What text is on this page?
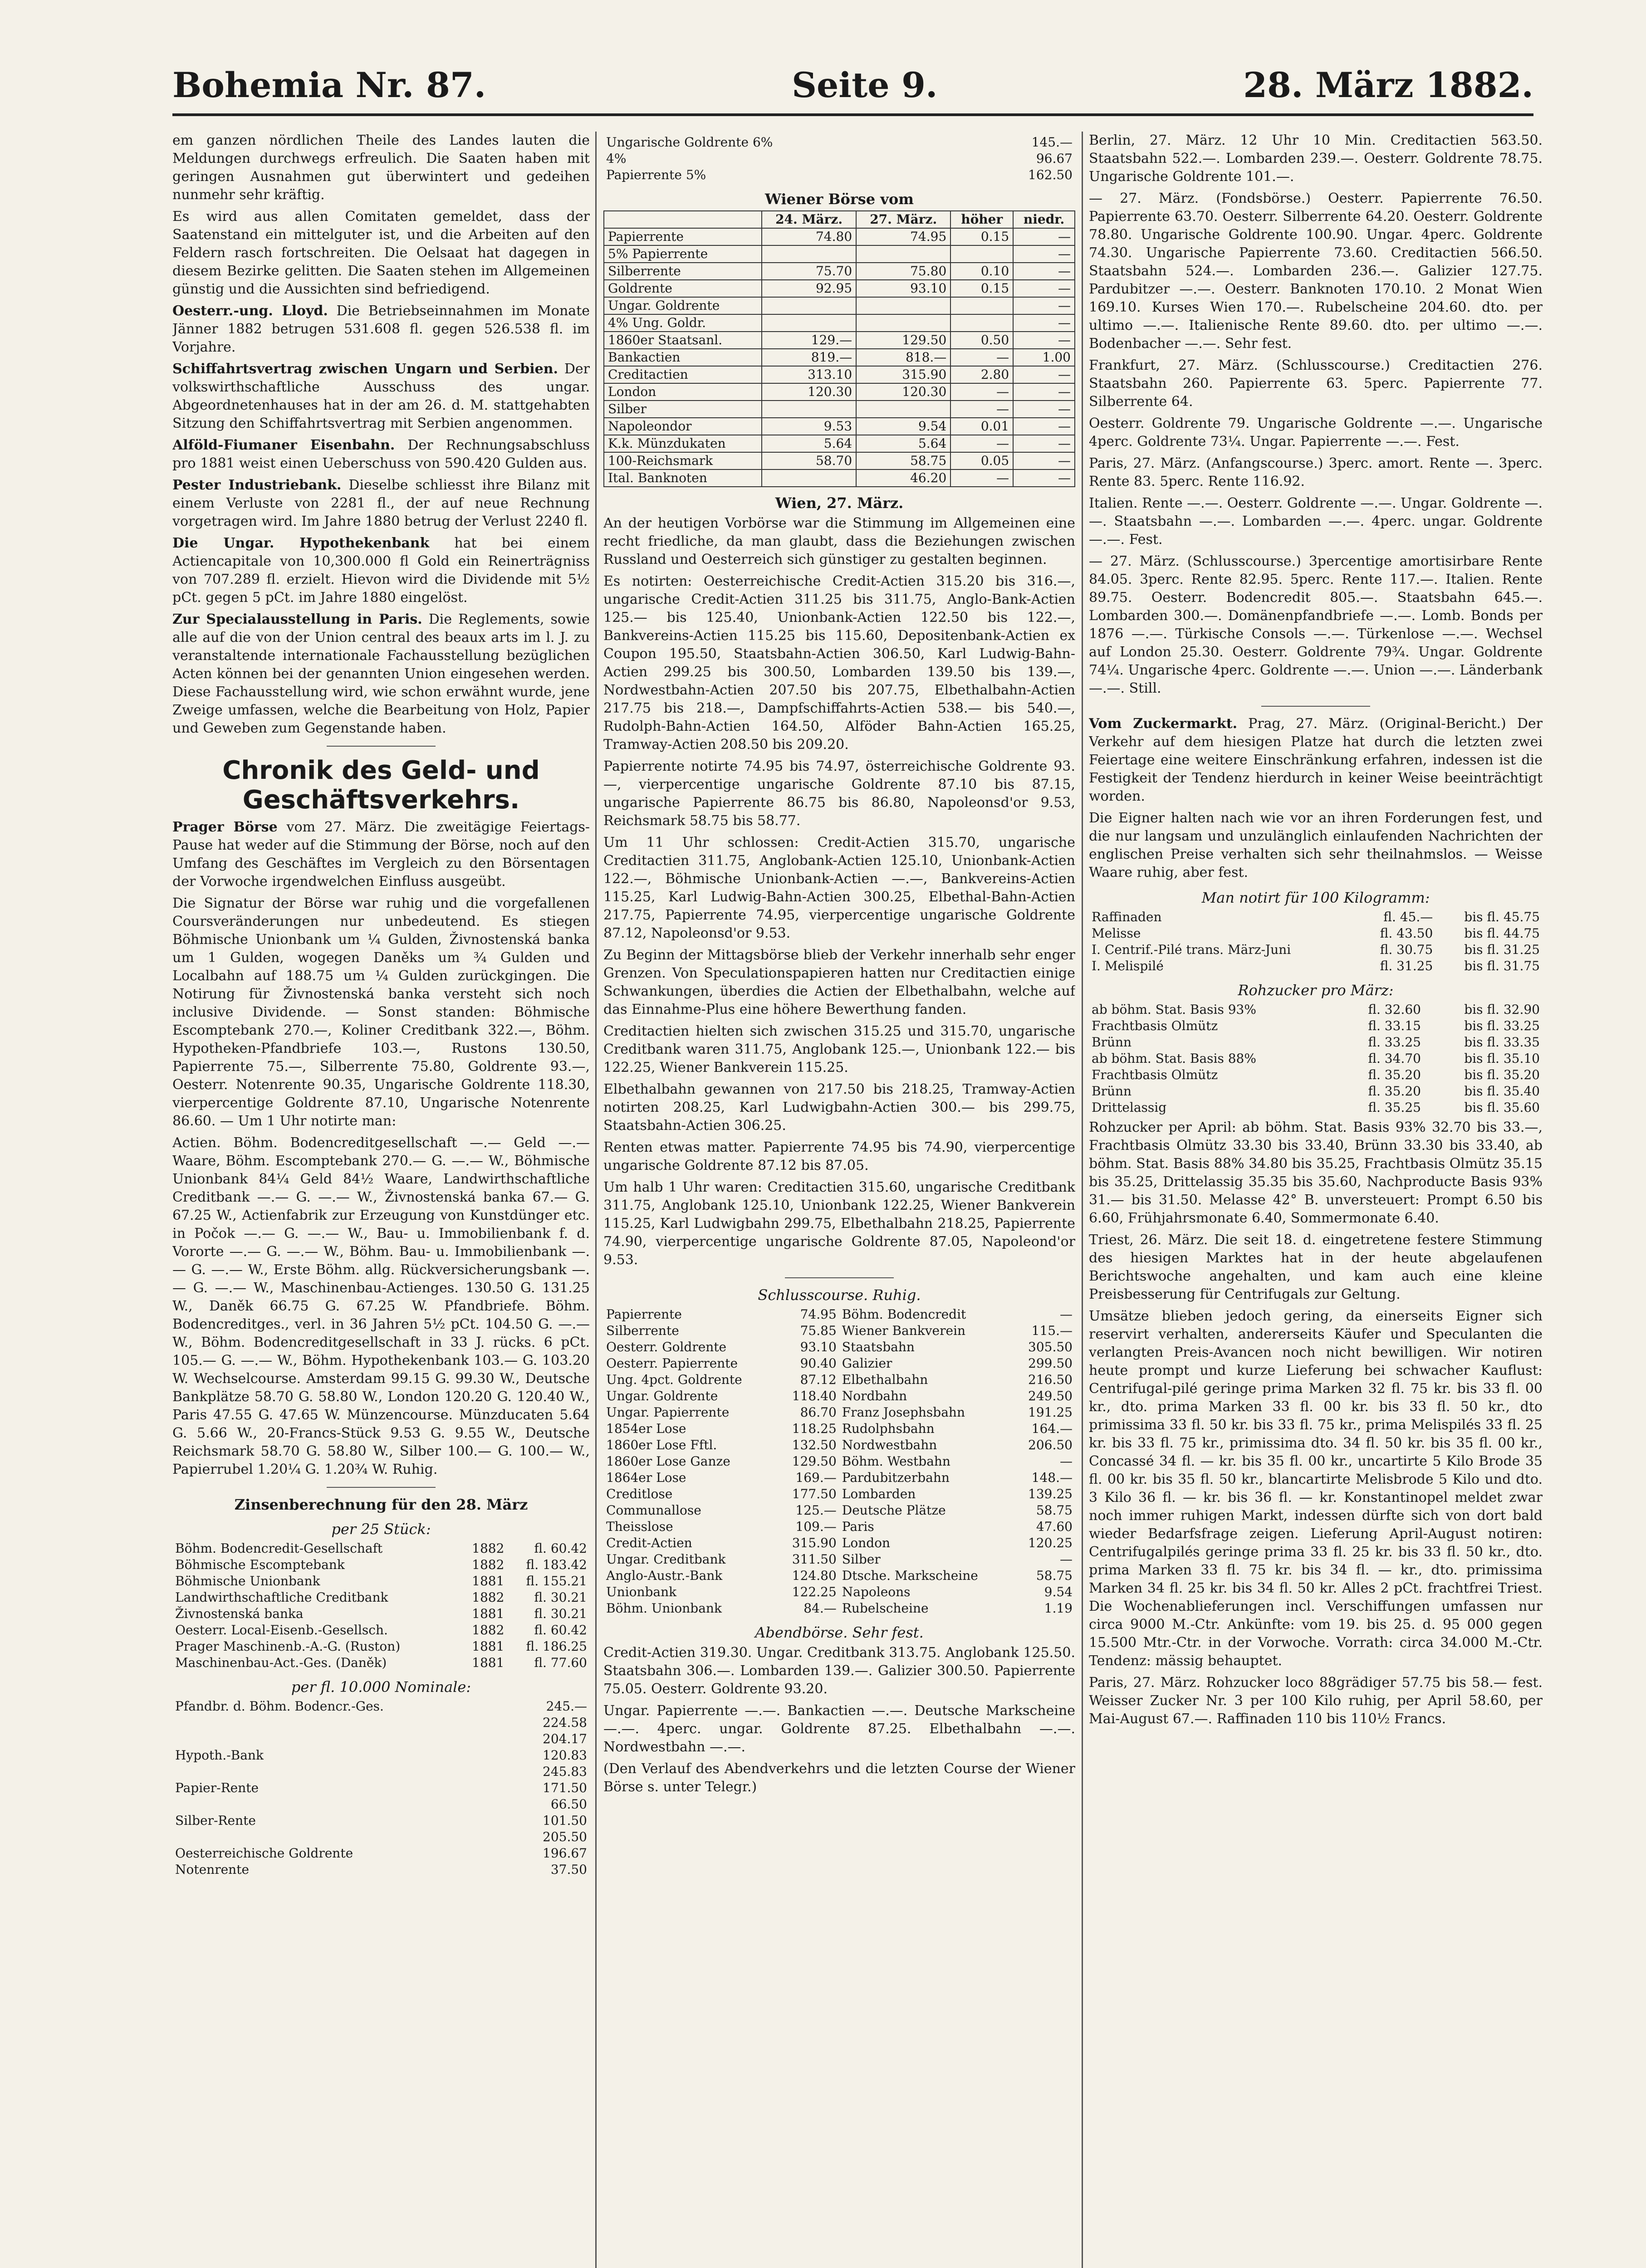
Bohemia Nr. 87.	Seite 9.	28. März 1882.

em ganzen nördlichen Theile des Landes lauten die Meldungen durchwegs erfreulich. Die Saaten haben mit geringen Ausnahmen gut überwintert und gedeihen nunmehr sehr kräftig.

Es wird aus allen Comitaten gemeldet, dass der Saatenstand ein mittelguter ist, und die Arbeiten auf den Feldern rasch fortschreiten. Die Oelsaat hat dagegen in diesem Bezirke gelitten. Die Saaten stehen im Allgemeinen günstig und die Aussichten sind befriedigend.

Oesterr.-ung. Lloyd. Die Betriebseinnahmen im Monate Jänner 1882 betrugen 531.608 fl. gegen 526.538 fl. im Vorjahre.

Schiffahrtsvertrag zwischen Ungarn und Serbien. Der volkswirthschaftliche Ausschuss des ungar. Abgeordnetenhauses hat in der am 26. d. M. stattgehabten Sitzung den Schiffahrtsvertrag mit Serbien angenommen.

Alföld-Fiumaner Eisenbahn. Der Rechnungsabschluss pro 1881 weist einen Ueberschuss von 590.420 Gulden aus.

Pester Industriebank. Dieselbe schliesst ihre Bilanz mit einem Verluste von 2281 fl., der auf neue Rechnung vorgetragen wird. Im Jahre 1880 betrug der Verlust 2240 fl.

Die Ungar. Hypothekenbank hat bei einem Actiencapitale von 10,300.000 fl Gold ein Reinerträgniss von 707.289 fl. erzielt. Hievon wird die Dividende mit 5½ pCt. gegen 5 pCt. im Jahre 1880 eingelöst.

Zur Specialausstellung in Paris. Die Reglements, sowie alle auf die von der Union central des beaux arts im l. J. zu veranstaltende internationale Fachausstellung bezüglichen Acten können bei der genannten Union eingesehen werden. Diese Fachausstellung wird, wie schon erwähnt wurde, jene Zweige umfassen, welche die Bearbeitung von Holz, Papier und Geweben zum Gegenstande haben.

Chronik des Geld- und Geschäftsverkehrs.

Prager Börse vom 27. März. Die zweitägige Feiertags-Pause hat weder auf die Stimmung der Börse, noch auf den Umfang des Geschäftes im Vergleich zu den Börsentagen der Vorwoche irgendwelchen Einfluss ausgeübt.

Die Signatur der Börse war ruhig und die vorgefallenen Coursveränderungen nur unbedeutend. Es stiegen Böhmische Unionbank um ¼ Gulden, Živnostenská banka um 1 Gulden, wogegen Daněks um ¾ Gulden und Localbahn auf 188.75 um ¼ Gulden zurückgingen. Die Notirung für Živnostenská banka versteht sich noch inclusive Dividende. — Sonst standen: Böhmische Escomptebank 270.—, Koliner Creditbank 322.—, Böhm. Hypotheken-Pfandbriefe 103.—, Rustons 130.50, Papierrente 75.—, Silberrente 75.80, Goldrente 93.—, Oesterr. Notenrente 90.35, Ungarische Goldrente 118.30, vierpercentige Goldrente 87.10, Ungarische Notenrente 86.60. — Um 1 Uhr notirte man:

Actien. Böhm. Bodencreditgesellschaft —.— Geld —.— Waare, Böhm. Escomptebank 270.— G. —.— W., Böhmische Unionbank 84¼ Geld 84½ Waare, Landwirthschaftliche Creditbank —.— G. —.— W., Živnostenská banka 67.— G. 67.25 W., Actienfabrik zur Erzeugung von Kunstdünger etc. in Počok —.— G. —.— W., Bau- u. Immobilienbank f. d. Vororte —.— G. —.— W., Böhm. Bau- u. Immobilienbank —.— G. —.— W., Erste Böhm. allg. Rückversicherungsbank —.— G. —.— W., Maschinenbau-Actienges. 130.50 G. 131.25 W., Daněk 66.75 G. 67.25 W. Pfandbriefe. Böhm. Bodencreditges., verl. in 36 Jahren 5½ pCt. 104.50 G. —.— W., Böhm. Bodencreditgesellschaft in 33 J. rücks. 6 pCt. 105.— G. —.— W., Böhm. Hypothekenbank 103.— G. 103.20 W. Wechselcourse. Amsterdam 99.15 G. 99.30 W., Deutsche Bankplätze 58.70 G. 58.80 W., London 120.20 G. 120.40 W., Paris 47.55 G. 47.65 W. Münzencourse. Münzducaten 5.64 G. 5.66 W., 20-Francs-Stück 9.53 G. 9.55 W., Deutsche Reichsmark 58.70 G. 58.80 W., Silber 100.— G. 100.— W., Papierrubel 1.20¼ G. 1.20¾ W. Ruhig.

Zinsenberechnung für den 28. März
per 25 Stück:
Böhm. Bodencredit-Gesellschaft	1882	fl. 60.42
Böhmische Escomptebank	1882	fl. 183.42
Böhmische Unionbank	1881	fl. 155.21
Landwirthschaftliche Creditbank	1882	fl. 30.21
Živnostenská banka	1881	fl. 30.21
Oesterr. Local-Eisenb.-Gesellsch.	1882	fl. 60.42
Prager Maschinenb.-A.-G. (Ruston)	1881	fl. 186.25
Maschinenbau-Act.-Ges. (Daněk)	1881	fl. 77.60
per fl. 10.000 Nominale:
Pfandbr. d. Böhm. Bodencr.-Ges.	245.—
	224.58
	204.17
Hypoth.-Bank	120.83
	245.83
Papier-Rente	171.50
	66.50
Silber-Rente	101.50
	205.50
Oesterreichische Goldrente	196.67
Notenrente	37.50
Ungarische Goldrente 6%	145.—
4%	96.67
Papierrente 5%	162.50
Wiener Börse vom
	24. März.	27. März.	höher	niedr.
Papierrente	74.80	74.95	0.15	—
5% Papierrente				—
Silberrente	75.70	75.80	0.10	—
Goldrente	92.95	93.10	0.15	—
Ungar. Goldrente				—
4% Ung. Goldr.				—
1860er Staatsanl.	129.—	129.50	0.50	—
Bankactien	819.—	818.—	—	1.00
Creditactien	313.10	315.90	2.80	—
London	120.30	120.30	—	—
Silber			—	—
Napoleondor	9.53	9.54	0.01	—
K.k. Münzdukaten	5.64	5.64	—	—
100-Reichsmark	58.70	58.75	0.05	—
Ital. Banknoten		46.20	—	—
Wien, 27. März.

An der heutigen Vorbörse war die Stimmung im Allgemeinen eine recht friedliche, da man glaubt, dass die Beziehungen zwischen Russland und Oesterreich sich günstiger zu gestalten beginnen.

Es notirten: Oesterreichische Credit-Actien 315.20 bis 316.—, ungarische Credit-Actien 311.25 bis 311.75, Anglo-Bank-Actien 125.— bis 125.40, Unionbank-Actien 122.50 bis 122.—, Bankvereins-Actien 115.25 bis 115.60, Depositenbank-Actien ex Coupon 195.50, Staatsbahn-Actien 306.50, Karl Ludwig-Bahn-Actien 299.25 bis 300.50, Lombarden 139.50 bis 139.—, Nordwestbahn-Actien 207.50 bis 207.75, Elbethalbahn-Actien 217.75 bis 218.—, Dampfschiffahrts-Actien 538.— bis 540.—, Rudolph-Bahn-Actien 164.50, Alföder Bahn-Actien 165.25, Tramway-Actien 208.50 bis 209.20.

Papierrente notirte 74.95 bis 74.97, österreichische Goldrente 93.—, vierpercentige ungarische Goldrente 87.10 bis 87.15, ungarische Papierrente 86.75 bis 86.80, Napoleonsd'or 9.53, Reichsmark 58.75 bis 58.77.

Um 11 Uhr schlossen: Credit-Actien 315.70, ungarische Creditactien 311.75, Anglobank-Actien 125.10, Unionbank-Actien 122.—, Böhmische Unionbank-Actien —.—, Bankvereins-Actien 115.25, Karl Ludwig-Bahn-Actien 300.25, Elbethal-Bahn-Actien 217.75, Papierrente 74.95, vierpercentige ungarische Goldrente 87.12, Napoleonsd'or 9.53.

Zu Beginn der Mittagsbörse blieb der Verkehr innerhalb sehr enger Grenzen. Von Speculationspapieren hatten nur Creditactien einige Schwankungen, überdies die Actien der Elbethalbahn, welche auf das Einnahme-Plus eine höhere Bewerthung fanden.

Creditactien hielten sich zwischen 315.25 und 315.70, ungarische Creditbank waren 311.75, Anglobank 125.—, Unionbank 122.— bis 122.25, Wiener Bankverein 115.25.

Elbethalbahn gewannen von 217.50 bis 218.25, Tramway-Actien notirten 208.25, Karl Ludwigbahn-Actien 300.— bis 299.75, Staatsbahn-Actien 306.25.

Renten etwas matter. Papierrente 74.95 bis 74.90, vierpercentige ungarische Goldrente 87.12 bis 87.05.

Um halb 1 Uhr waren: Creditactien 315.60, ungarische Creditbank 311.75, Anglobank 125.10, Unionbank 122.25, Wiener Bankverein 115.25, Karl Ludwigbahn 299.75, Elbethalbahn 218.25, Papierrente 74.90, vierpercentige ungarische Goldrente 87.05, Napoleond'or 9.53.

Schlusscourse. Ruhig.
Papierrente	74.95	Böhm. Bodencredit	—
Silberrente	75.85	Wiener Bankverein	115.—
Oesterr. Goldrente	93.10	Staatsbahn	305.50
Oesterr. Papierrente	90.40	Galizier	299.50
Ung. 4pct. Goldrente	87.12	Elbethalbahn	216.50
Ungar. Goldrente	118.40	Nordbahn	249.50
Ungar. Papierrente	86.70	Franz Josephsbahn	191.25
1854er Lose	118.25	Rudolphsbahn	164.—
1860er Lose Fftl.	132.50	Nordwestbahn	206.50
1860er Lose Ganze	129.50	Böhm. Westbahn	—
1864er Lose	169.—	Pardubitzerbahn	148.—
Creditlose	177.50	Lombarden	139.25
Communallose	125.—	Deutsche Plätze	58.75
Theisslose	109.—	Paris	47.60
Credit-Actien	315.90	London	120.25
Ungar. Creditbank	311.50	Silber	—
Anglo-Austr.-Bank	124.80	Dtsche. Markscheine	58.75
Unionbank	122.25	Napoleons	9.54
Böhm. Unionbank	84.—	Rubelscheine	1.19
Abendbörse. Sehr fest.

Credit-Actien 319.30. Ungar. Creditbank 313.75. Anglobank 125.50. Staatsbahn 306.—. Lombarden 139.—. Galizier 300.50. Papierrente 75.05. Oesterr. Goldrente 93.20.

Ungar. Papierrente —.—. Bankactien —.—. Deutsche Markscheine —.—. 4perc. ungar. Goldrente 87.25. Elbethalbahn —.—. Nordwestbahn —.—.

(Den Verlauf des Abendverkehrs und die letzten Course der Wiener Börse s. unter Telegr.)

Berlin, 27. März. 12 Uhr 10 Min. Creditactien 563.50. Staatsbahn 522.—. Lombarden 239.—. Oesterr. Goldrente 78.75. Ungarische Goldrente 101.—.

— 27. März. (Fondsbörse.) Oesterr. Papierrente 76.50. Papierrente 63.70. Oesterr. Silberrente 64.20. Oesterr. Goldrente 78.80. Ungarische Goldrente 100.90. Ungar. 4perc. Goldrente 74.30. Ungarische Papierrente 73.60. Creditactien 566.50. Staatsbahn 524.—. Lombarden 236.—. Galizier 127.75. Pardubitzer —.—. Oesterr. Banknoten 170.10. 2 Monat Wien 169.10. Kurses Wien 170.—. Rubelscheine 204.60. dto. per ultimo —.—. Italienische Rente 89.60. dto. per ultimo —.—. Bodenbacher —.—. Sehr fest.

Frankfurt, 27. März. (Schlusscourse.) Creditactien 276. Staatsbahn 260. Papierrente 63. 5perc. Papierrente 77. Silberrente 64.

Oesterr. Goldrente 79. Ungarische Goldrente —.—. Ungarische 4perc. Goldrente 73¼. Ungar. Papierrente —.—. Fest.

Paris, 27. März. (Anfangscourse.) 3perc. amort. Rente —. 3perc. Rente 83. 5perc. Rente 116.92.

Italien. Rente —.—. Oesterr. Goldrente —.—. Ungar. Goldrente —.—. Staatsbahn —.—. Lombarden —.—. 4perc. ungar. Goldrente —.—. Fest.

— 27. März. (Schlusscourse.) 3percentige amortisirbare Rente 84.05. 3perc. Rente 82.95. 5perc. Rente 117.—. Italien. Rente 89.75. Oesterr. Bodencredit 805.—. Staatsbahn 645.—. Lombarden 300.—. Domänenpfandbriefe —.—. Lomb. Bonds per 1876 —.—. Türkische Consols —.—. Türkenlose —.—. Wechsel auf London 25.30. Oesterr. Goldrente 79¾. Ungar. Goldrente 74¼. Ungarische 4perc. Goldrente —.—. Union —.—. Länderbank —.—. Still.

Vom Zuckermarkt. Prag, 27. März. (Original-Bericht.) Der Verkehr auf dem hiesigen Platze hat durch die letzten zwei Feiertage eine weitere Einschränkung erfahren, indessen ist die Festigkeit der Tendenz hierdurch in keiner Weise beeinträchtigt worden.

Die Eigner halten nach wie vor an ihren Forderungen fest, und die nur langsam und unzulänglich einlaufenden Nachrichten der englischen Preise verhalten sich sehr theilnahmslos. — Weisse Waare ruhig, aber fest.

Man notirt für 100 Kilogramm:
Raffinaden	fl. 45.—	bis fl. 45.75
Melisse	fl. 43.50	bis fl. 44.75
I. Centrif.-Pilé trans. März-Juni	fl. 30.75	bis fl. 31.25
I. Melispilé	fl. 31.25	bis fl. 31.75
Rohzucker pro März:
ab böhm. Stat. Basis 93%	fl. 32.60	bis fl. 32.90
Frachtbasis Olmütz	fl. 33.15	bis fl. 33.25
Brünn	fl. 33.25	bis fl. 33.35
ab böhm. Stat. Basis 88%	fl. 34.70	bis fl. 35.10
Frachtbasis Olmütz	fl. 35.20	bis fl. 35.20
Brünn	fl. 35.20	bis fl. 35.40
Drittelassig	fl. 35.25	bis fl. 35.60

Rohzucker per April: ab böhm. Stat. Basis 93% 32.70 bis 33.—, Frachtbasis Olmütz 33.30 bis 33.40, Brünn 33.30 bis 33.40, ab böhm. Stat. Basis 88% 34.80 bis 35.25, Frachtbasis Olmütz 35.15 bis 35.25, Drittelassig 35.35 bis 35.60, Nachproducte Basis 93% 31.— bis 31.50. Melasse 42° B. unversteuert: Prompt 6.50 bis 6.60, Frühjahrsmonate 6.40, Sommermonate 6.40.

Triest, 26. März. Die seit 18. d. eingetretene festere Stimmung des hiesigen Marktes hat in der heute abgelaufenen Berichtswoche angehalten, und kam auch eine kleine Preisbesserung für Centrifugals zur Geltung.

Umsätze blieben jedoch gering, da einerseits Eigner sich reservirt verhalten, andererseits Käufer und Speculanten die verlangten Preis-Avancen noch nicht bewilligen. Wir notiren heute prompt und kurze Lieferung bei schwacher Kauflust: Centrifugal-pilé geringe prima Marken 32 fl. 75 kr. bis 33 fl. 00 kr., dto. prima Marken 33 fl. 00 kr. bis 33 fl. 50 kr., dto primissima 33 fl. 50 kr. bis 33 fl. 75 kr., prima Melispilés 33 fl. 25 kr. bis 33 fl. 75 kr., primissima dto. 34 fl. 50 kr. bis 35 fl. 00 kr., Concassé 34 fl. — kr. bis 35 fl. 00 kr., uncartirte 5 Kilo Brode 35 fl. 00 kr. bis 35 fl. 50 kr., blancartirte Melisbrode 5 Kilo und dto. 3 Kilo 36 fl. — kr. bis 36 fl. — kr. Konstantinopel meldet zwar noch immer ruhigen Markt, indessen dürfte sich von dort bald wieder Bedarfsfrage zeigen. Lieferung April-August notiren: Centrifugalpilés geringe prima 33 fl. 25 kr. bis 33 fl. 50 kr., dto. prima Marken 33 fl. 75 kr. bis 34 fl. — kr., dto. primissima Marken 34 fl. 25 kr. bis 34 fl. 50 kr. Alles 2 pCt. frachtfrei Triest. Die Wochenablieferungen incl. Verschiffungen umfassen nur circa 9000 M.-Ctr. Ankünfte: vom 19. bis 25. d. 95 000 gegen 15.500 Mtr.-Ctr. in der Vorwoche. Vorrath: circa 34.000 M.-Ctr. Tendenz: mässig behauptet.

Paris, 27. März. Rohzucker loco 88grädiger 57.75 bis 58.— fest. Weisser Zucker Nr. 3 per 100 Kilo ruhig, per April 58.60, per Mai-August 67.—. Raffinaden 110 bis 110½ Francs.
